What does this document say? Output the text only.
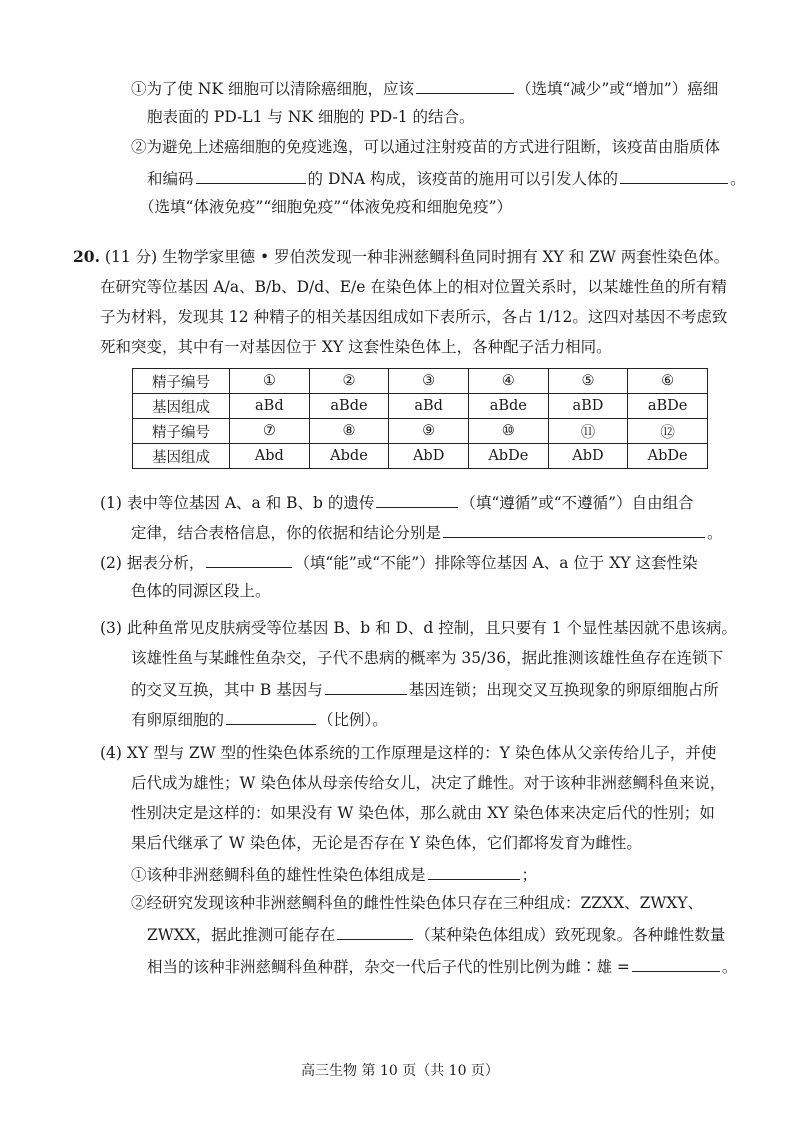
①为了使 NK 细胞可以清除癌细胞，应该	（选填“减少”或“增加”）癌细
胞表面的 PD-L1 与 NK 细胞的 PD-1 的结合。
②为避免上述癌细胞的免疫逃逸，可以通过注射疫苗的方式进行阻断，该疫苗由脂质体
和编码	的 DNA 构成，该疫苗的施用可以引发人体的	。
（选填“体液免疫”“细胞免疫”“体液免疫和细胞免疫”）
20. (11 分) 生物学家里德 • 罗伯茨发现一种非洲慈鲷科鱼同时拥有 XY 和 ZW 两套性染色体。
在研究等位基因 A/a、B/b、D/d、E/e 在染色体上的相对位置关系时，以某雄性鱼的所有精
子为材料，发现其 12 种精子的相关基因组成如下表所示，各占 1/12。这四对基因不考虑致
死和突变，其中有一对基因位于 XY 这套性染色体上，各种配子活力相同。
精子编号	①	②	③	④	⑤	⑥
基因组成	aBd	aBde	aBd	aBde	aBD	aBDe
精子编号	⑦	⑧	⑨	⑩	⑪	⑫
基因组成	Abd	Abde	AbD	AbDe	AbD	AbDe
(1) 表中等位基因 A、a 和 B、b 的遗传	（填“遵循”或“不遵循”）自由组合
定律，结合表格信息，你的依据和结论分别是	。
(2) 据表分析，	（填“能”或“不能”）排除等位基因 A、a 位于 XY 这套性染
色体的同源区段上。
(3) 此种鱼常见皮肤病受等位基因 B、b 和 D、d 控制，且只要有 1 个显性基因就不患该病。
该雄性鱼与某雌性鱼杂交，子代不患病的概率为 35/36，据此推测该雄性鱼存在连锁下
的交叉互换，其中 B 基因与	基因连锁；出现交叉互换现象的卵原细胞占所
有卵原细胞的	（比例）。
(4) XY 型与 ZW 型的性染色体系统的工作原理是这样的：Y 染色体从父亲传给儿子，并使
后代成为雄性；W 染色体从母亲传给女儿，决定了雌性。对于该种非洲慈鲷科鱼来说，
性别决定是这样的：如果没有 W 染色体，那么就由 XY 染色体来决定后代的性别；如
果后代继承了 W 染色体，无论是否存在 Y 染色体，它们都将发育为雌性。
①该种非洲慈鲷科鱼的雄性性染色体组成是	；
②经研究发现该种非洲慈鲷科鱼的雌性性染色体只存在三种组成：ZZXX、ZWXY、
ZWXX，据此推测可能存在	（某种染色体组成）致死现象。各种雌性数量
相当的该种非洲慈鲷科鱼种群，杂交一代后子代的性别比例为雌∶雄 =	。
高三生物 第 10 页（共 10 页）
